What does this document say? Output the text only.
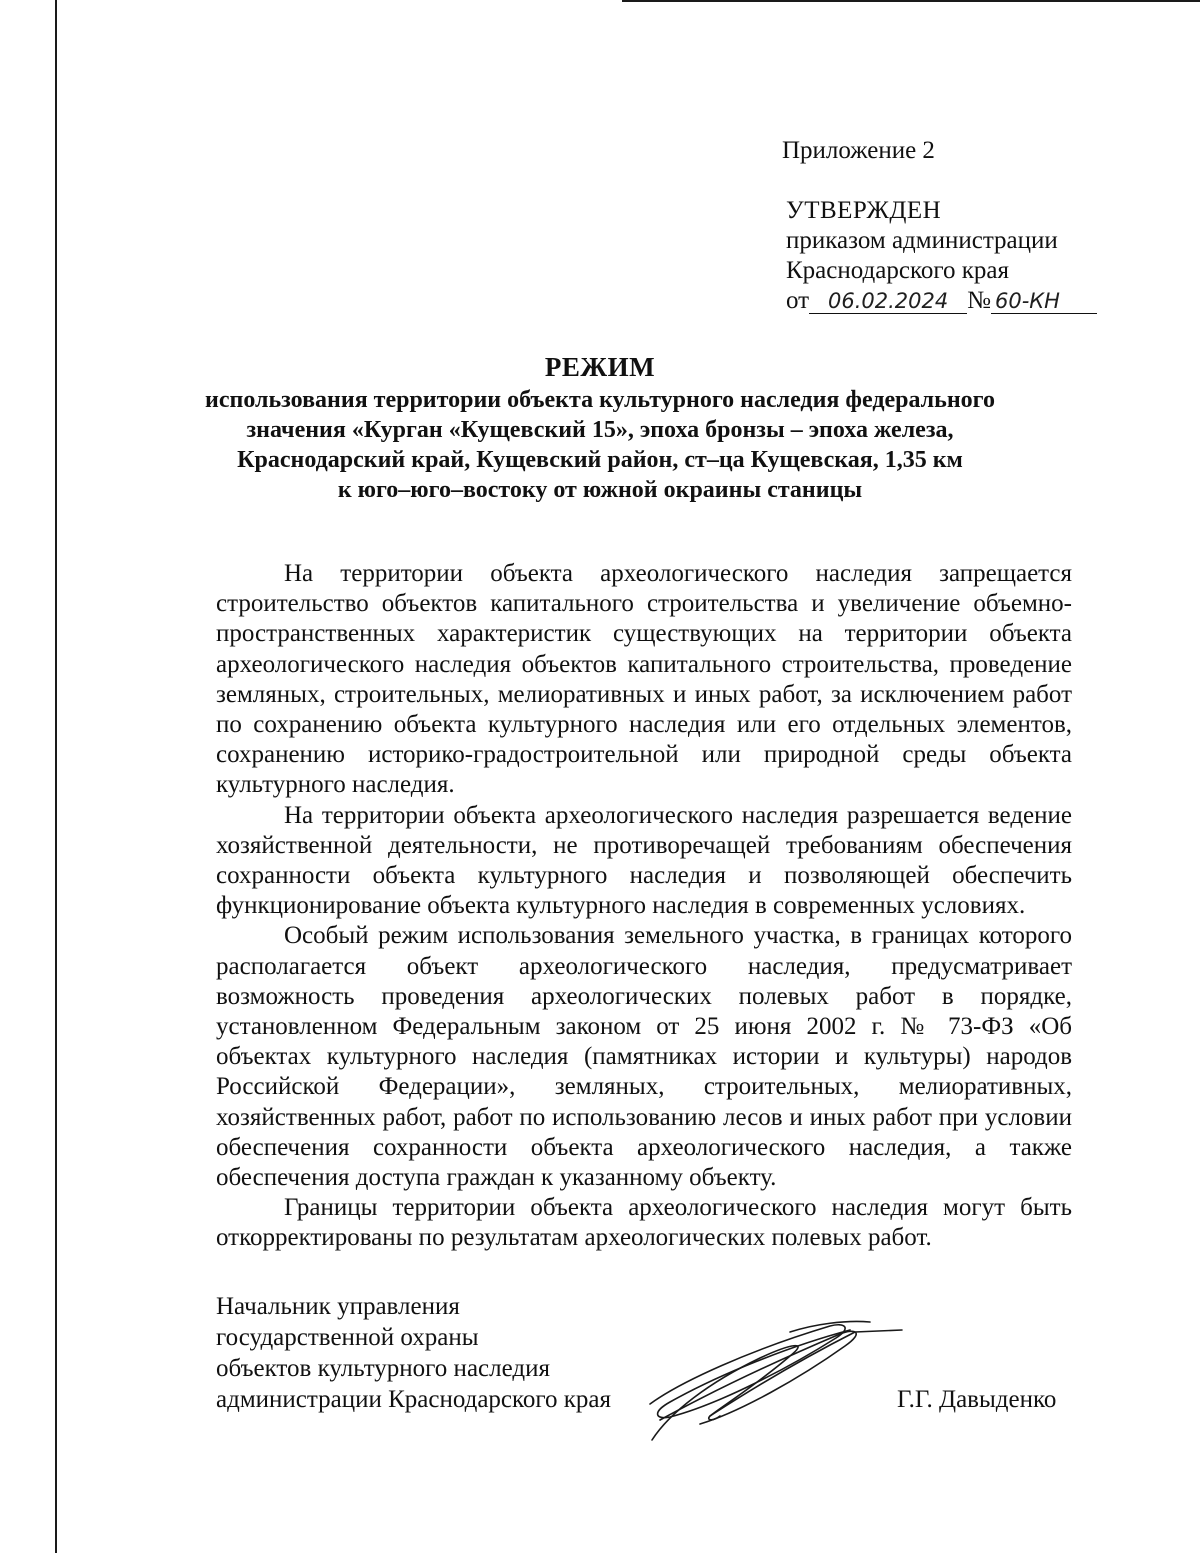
Приложение 2
УТВЕРЖДЕН
приказом администрации
Краснодарского края
от 06.02.2024 № 60-КН
РЕЖИМ
использования территории объекта культурного наследия федерального
значения «Курган «Кущевский 15», эпоха бронзы – эпоха железа,
Краснодарский край, Кущевский район, ст–ца Кущевская, 1,35 км
к юго–юго–востоку от южной окраины станицы

На территории объекта археологического наследия запрещается строительство объектов капитального строительства и увеличение объемно-пространственных характеристик существующих на территории объекта археологического наследия объектов капитального строительства, проведение земляных, строительных, мелиоративных и иных работ, за исключением работ по сохранению объекта культурного наследия или его отдельных элементов, сохранению историко-градостроительной или природной среды объекта культурного наследия.

На территории объекта археологического наследия разрешается ведение хозяйственной деятельности, не противоречащей требованиям обеспечения сохранности объекта культурного наследия и позволяющей обеспечить функционирование объекта культурного наследия в современных условиях.

Особый режим использования земельного участка, в границах которого располагается объект археологического наследия, предусматривает возможность проведения археологических полевых работ в порядке, установленном Федеральным законом от 25 июня 2002 г. № 73-ФЗ «Об объектах культурного наследия (памятниках истории и культуры) народов Российской Федерации», земляных, строительных, мелиоративных, хозяйственных работ, работ по использованию лесов и иных работ при условии обеспечения сохранности объекта археологического наследия, а также обеспечения доступа граждан к указанному объекту.

Границы территории объекта археологического наследия могут быть откорректированы по результатам археологических полевых работ.

Начальник управления
государственной охраны
объектов культурного наследия
администрации Краснодарского края	Г.Г. Давыденко
